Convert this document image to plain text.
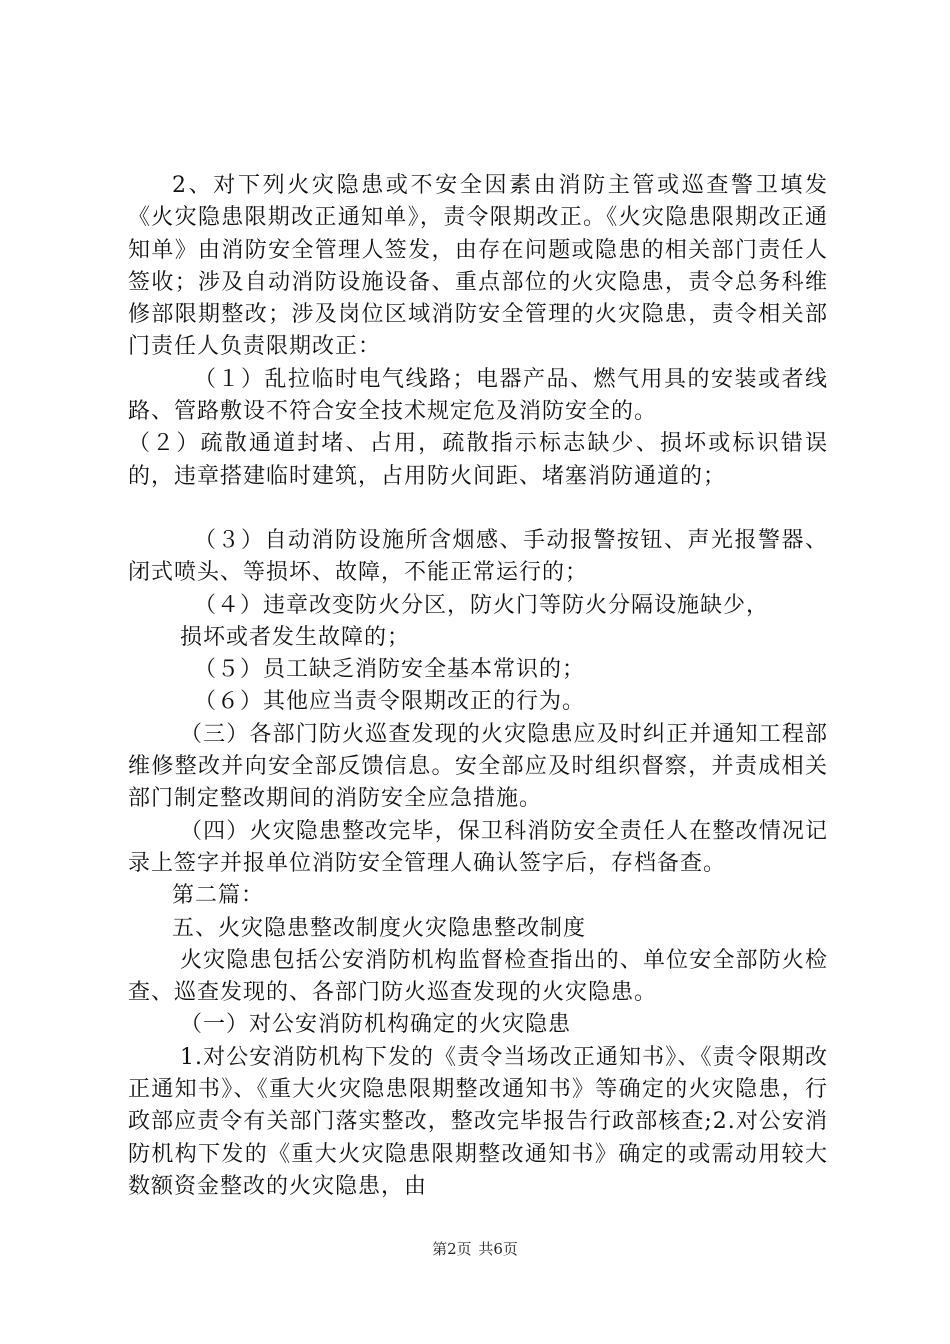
2、对下列火灾隐患或不安全因素由消防主管或巡查警卫填发《火灾隐患限期改正通知单》，责令限期改正。《火灾隐患限期改正通知单》由消防安全管理人签发，由存在问题或隐患的相关部门责任人签收；涉及自动消防设施设备、重点部位的火灾隐患，责令总务科维修部限期整改；涉及岗位区域消防安全管理的火灾隐患，责令相关部门责任人负责限期改正：

（１）乱拉临时电气线路；电器产品、燃气用具的安装或者线路、管路敷设不符合安全技术规定危及消防安全的。

（２）疏散通道封堵、占用，疏散指示标志缺少、损坏或标识错误的，违章搭建临时建筑，占用防火间距、堵塞消防通道的；

（３）自动消防设施所含烟感、手动报警按钮、声光报警器、闭式喷头、等损坏、故障，不能正常运行的；

（４）违章改变防火分区，防火门等防火分隔设施缺少，

损坏或者发生故障的；

（５）员工缺乏消防安全基本常识的；

（６）其他应当责令限期改正的行为。

（三）各部门防火巡查发现的火灾隐患应及时纠正并通知工程部维修整改并向安全部反馈信息。安全部应及时组织督察，并责成相关部门制定整改期间的消防安全应急措施。

（四）火灾隐患整改完毕，保卫科消防安全责任人在整改情况记录上签字并报单位消防安全管理人确认签字后，存档备查。

第二篇：

五、火灾隐患整改制度火灾隐患整改制度

火灾隐患包括公安消防机构监督检查指出的、单位安全部防火检查、巡查发现的、各部门防火巡查发现的火灾隐患。

（一）对公安消防机构确定的火灾隐患

1.对公安消防机构下发的《责令当场改正通知书》、《责令限期改正通知书》、《重大火灾隐患限期整改通知书》等确定的火灾隐患，行政部应责令有关部门落实整改，整改完毕报告行政部核查;2.对公安消防机构下发的《重大火灾隐患限期整改通知书》确定的或需动用较大数额资金整改的火灾隐患，由

第2页 共6页
